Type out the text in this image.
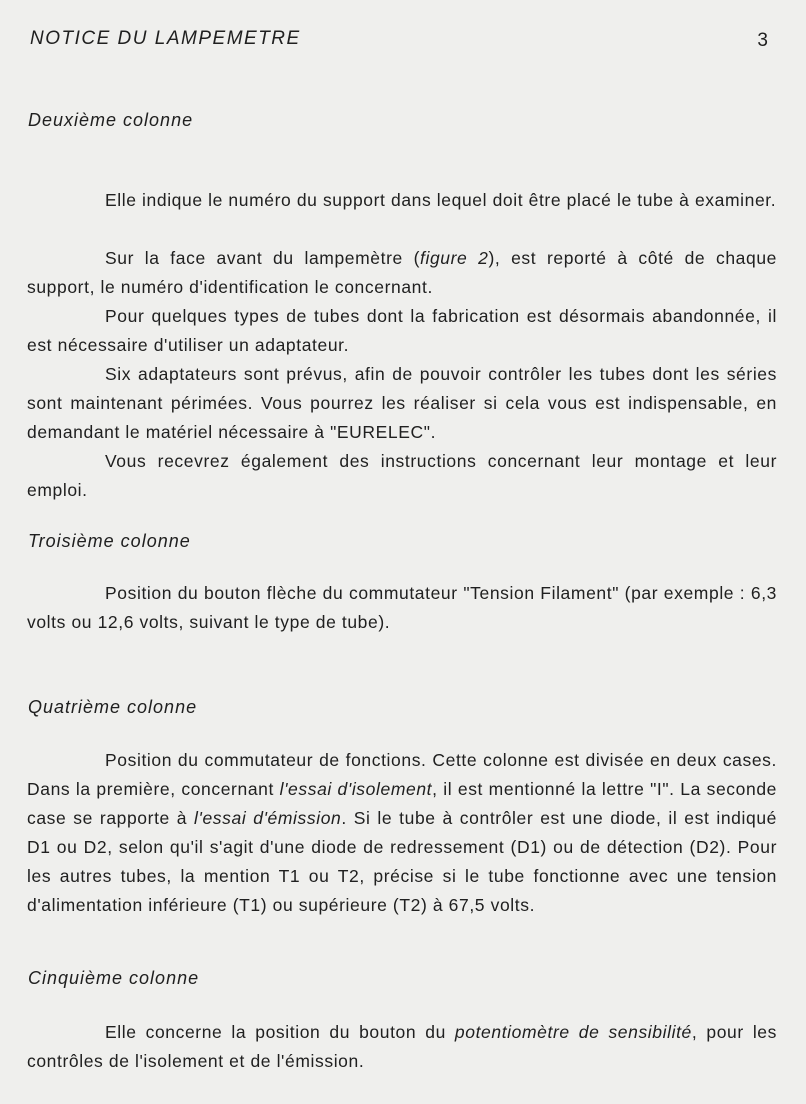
NOTICE DU LAMPEMETRE	3
Deuxième colonne

Elle indique le numéro du support dans lequel doit être placé le tube à examiner.

Sur la face avant du lampemètre (figure 2), est reporté à côté de chaque support, le numéro d'identification le concernant.

Pour quelques types de tubes dont la fabrication est désormais abandonnée, il est nécessaire d'utiliser un adaptateur.

Six adaptateurs sont prévus, afin de pouvoir contrôler les tubes dont les séries sont maintenant périmées. Vous pourrez les réaliser si cela vous est indispensable, en demandant le matériel nécessaire à "EURELEC".

Vous recevrez également des instructions concernant leur montage et leur emploi.

Troisième colonne

Position du bouton flèche du commutateur "Tension Filament" (par exemple : 6,3 volts ou 12,6 volts, suivant le type de tube).

Quatrième colonne

Position du commutateur de fonctions. Cette colonne est divisée en deux cases. Dans la première, concernant l'essai d'isolement, il est mentionné la lettre "I". La seconde case se rapporte à l'essai d'émission. Si le tube à contrôler est une diode, il est indiqué D1 ou D2, selon qu'il s'agit d'une diode de redressement (D1) ou de détection (D2). Pour les autres tubes, la mention T1 ou T2, précise si le tube fonctionne avec une tension d'alimentation inférieure (T1) ou supérieure (T2) à 67,5 volts.

Cinquième colonne

Elle concerne la position du bouton du potentiomètre de sensibilité, pour les contrôles de l'isolement et de l'émission.
